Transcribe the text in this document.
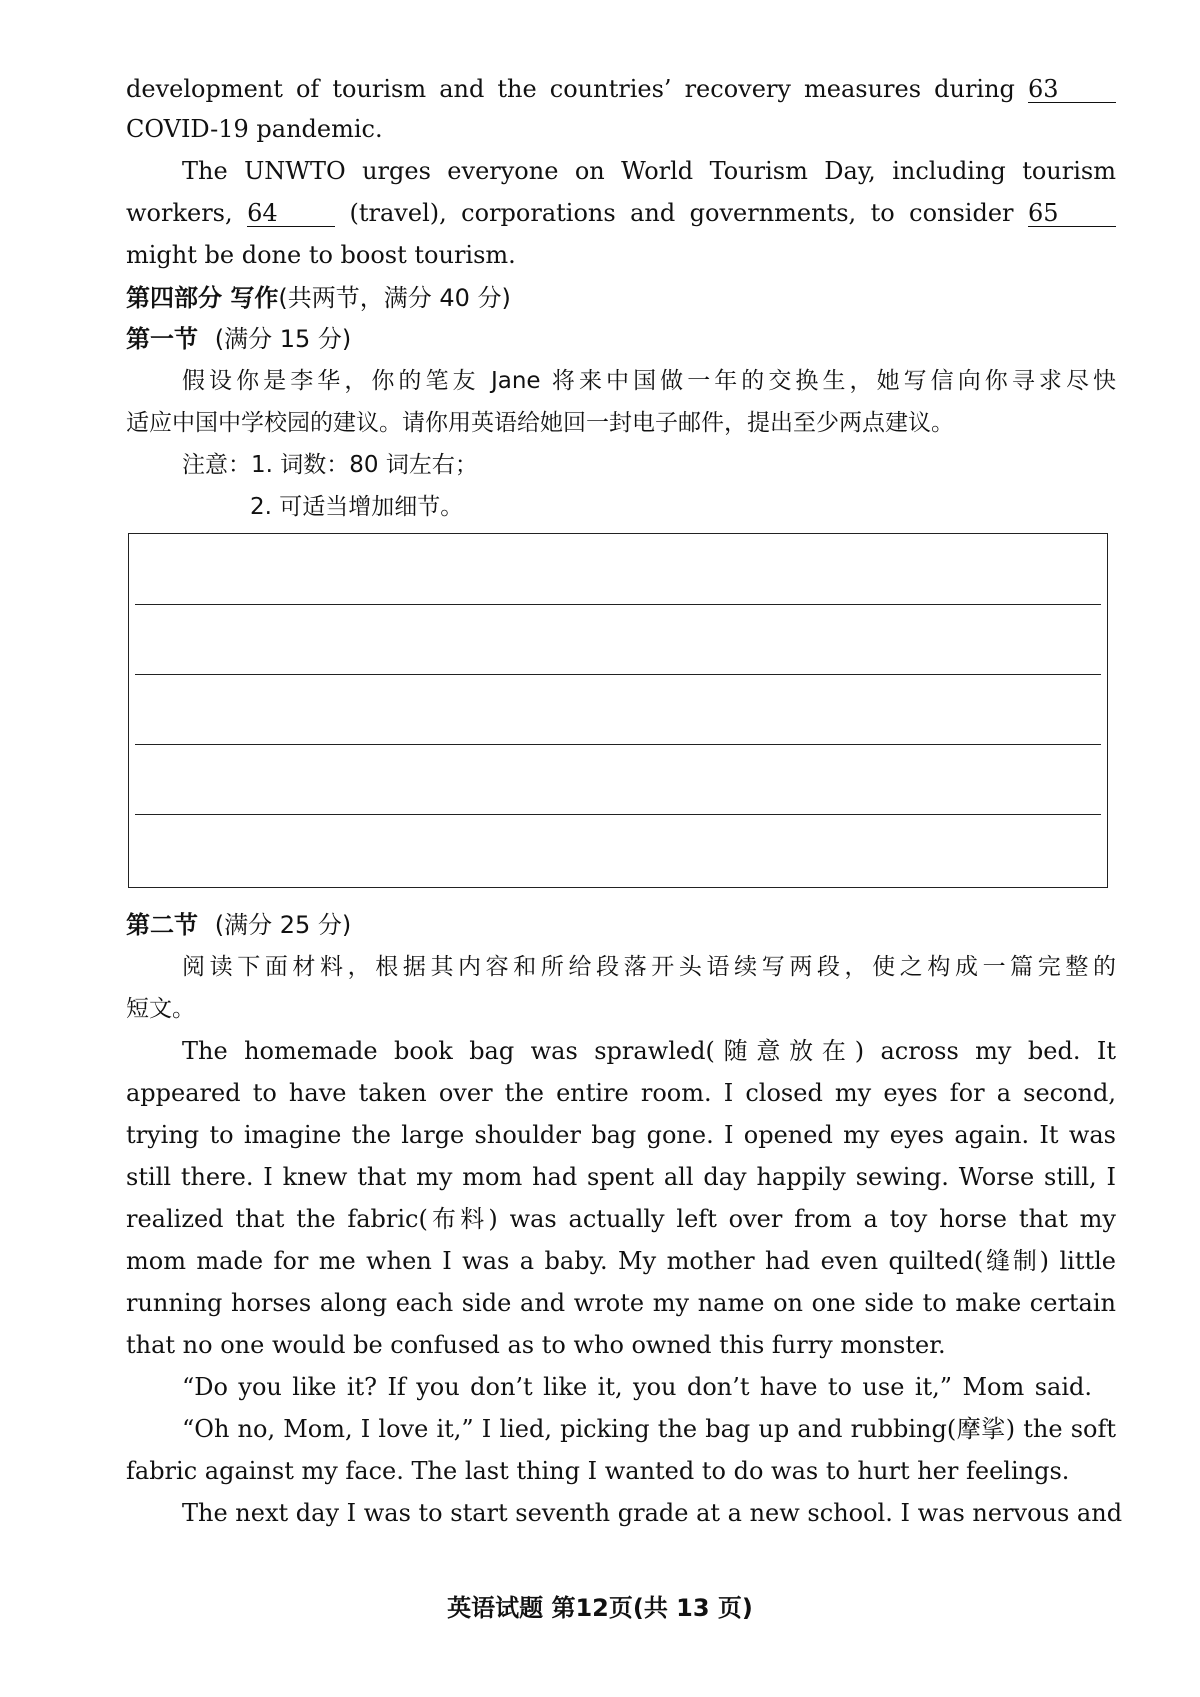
development of tourism and the countries’ recovery measures during 63
COVID-19 pandemic.
The UNWTO urges everyone on World Tourism Day, including tourism
workers, 64	(travel), corporations and governments, to consider 65
might be done to boost tourism.
第四部分 写作(共两节，满分 40 分)
第一节 (满分 15 分)
假设你是李华，你的笔友 Jane 将来中国做一年的交换生，她写信向你寻求尽快
适应中国中学校园的建议。请你用英语给她回一封电子邮件，提出至少两点建议。
注意：1. 词数：80 词左右；
2. 可适当增加细节。
第二节 (满分 25 分)
阅读下面材料，根据其内容和所给段落开头语续写两段，使之构成一篇完整的
短文。
The homemade book bag was sprawled(随意放在) across my bed. It
appeared to have taken over the entire room. I closed my eyes for a second,
trying to imagine the large shoulder bag gone. I opened my eyes again. It was
still there. I knew that my mom had spent all day happily sewing. Worse still, I
realized that the fabric(布料) was actually left over from a toy horse that my
mom made for me when I was a baby. My mother had even quilted(缝制) little
running horses along each side and wrote my name on one side to make certain
that no one would be confused as to who owned this furry monster.
“Do you like it? If you don’t like it, you don’t have to use it,” Mom said.
“Oh no, Mom, I love it,” I lied, picking the bag up and rubbing(摩挲) the soft
fabric against my face. The last thing I wanted to do was to hurt her feelings.
The next day I was to start seventh grade at a new school. I was nervous and
英语试题 第12页(共 13 页)
